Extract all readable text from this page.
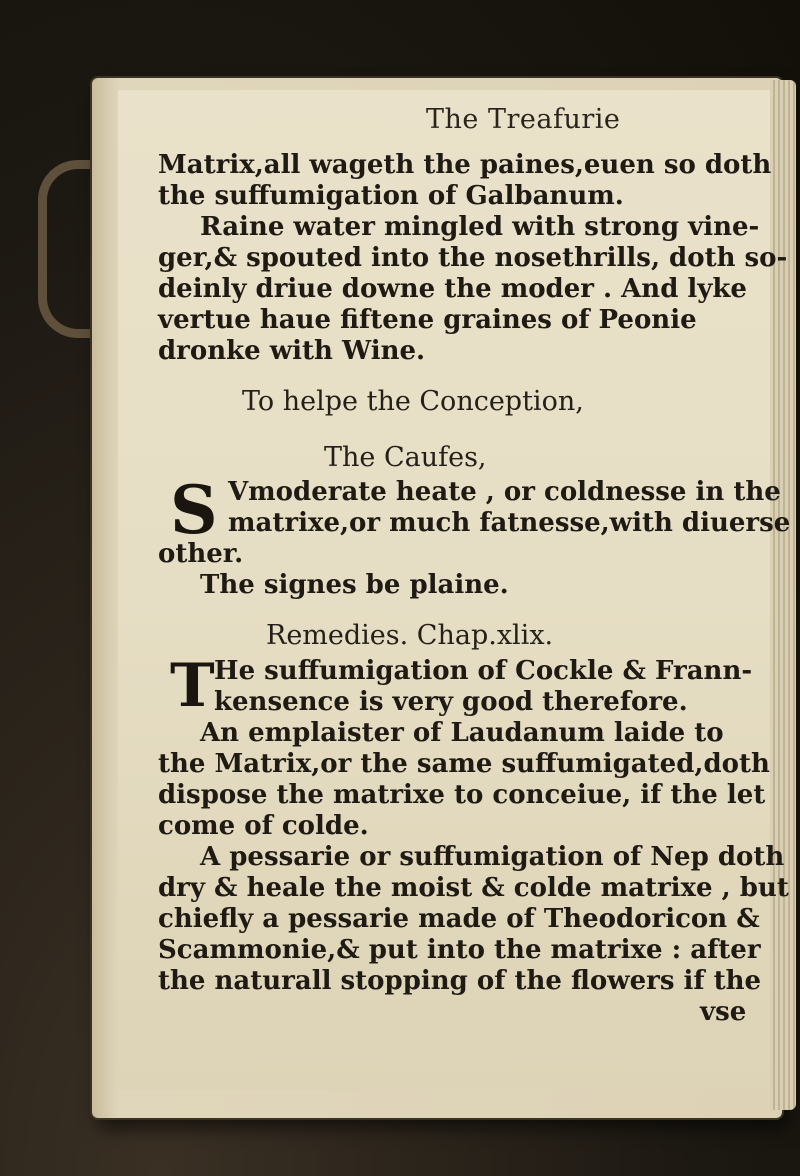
The Treafurie
Matrix,all wageth the paines,euen so doth
the suffumigation of Galbanum.
Raine water mingled with strong vine-
ger,& spouted into the nosethrills, doth so-
deinly driue downe the moder . And lyke
vertue haue fiftene graines of Peonie
dronke with Wine.
To helpe the Conception,
The Caufes,
S Vmoderate heate , or coldnesse in the
matrixe,or much fatnesse,with diuerse
other.
The signes be plaine.
Remedies. Chap.xlix.
T He suffumigation of Cockle & Frann-
kensence is very good therefore.
An emplaister of Laudanum laide to
the Matrix,or the same suffumigated,doth
dispose the matrixe to conceiue, if the let
come of colde.
A pessarie or suffumigation of Nep doth
dry & heale the moist & colde matrixe , but
chiefly a pessarie made of Theodoricon &
Scammonie,& put into the matrixe : after
the naturall stopping of the flowers if the
vse
